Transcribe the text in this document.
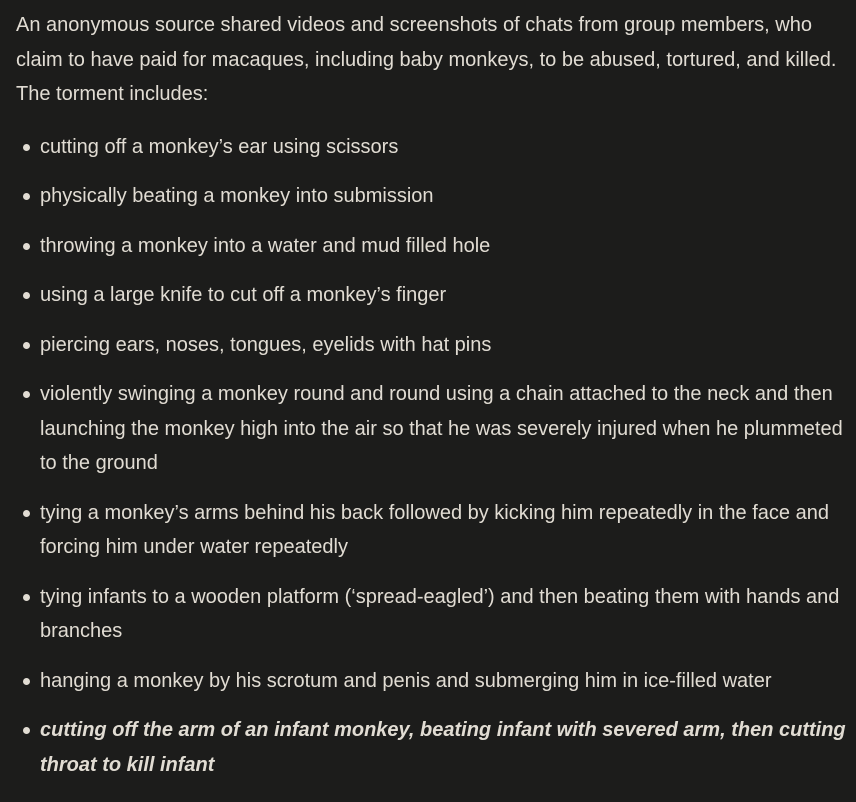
An anonymous source shared videos and screenshots of chats from group members, who claim to have paid for macaques, including baby monkeys, to be abused, tortured, and killed. The torment includes:

cutting off a monkey’s ear using scissors
physically beating a monkey into submission
throwing a monkey into a water and mud filled hole
using a large knife to cut off a monkey’s finger
piercing ears, noses, tongues, eyelids with hat pins
violently swinging a monkey round and round using a chain attached to the neck and then launching the monkey high into the air so that he was severely injured when he plummeted to the ground
tying a monkey’s arms behind his back followed by kicking him repeatedly in the face and forcing him under water repeatedly
tying infants to a wooden platform (‘spread-eagled’) and then beating them with hands and branches
hanging a monkey by his scrotum and penis and submerging him in ice-filled water
cutting off the arm of an infant monkey, beating infant with severed arm, then cutting throat to kill infant
